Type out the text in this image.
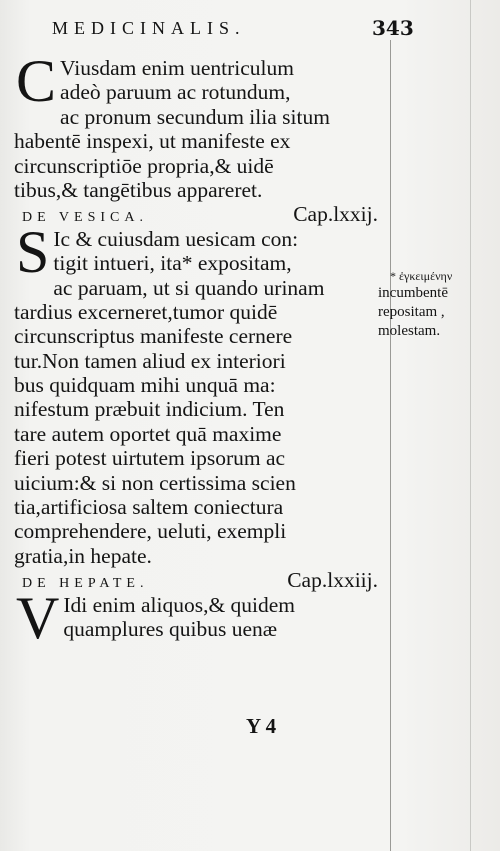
MEDICINALIS.	343
C Viusdam enim uentriculum
adeò paruum ac rotundum,
ac pronum secundum ilia situm
habentē inspexi, ut manifeste ex
circunscriptiōe propria,& uidē
tibus,& tangētibus appareret.
DE VESICA.	Cap.lxxij.
S Ic & cuiusdam uesicam con:
tigit intueri, ita* expositam,
ac paruam, ut si quando urinam
tardius excerneret,tumor quidē
circunscriptus manifeste cernere
tur.Non tamen aliud ex interiori
bus quidquam mihi unquā ma:
nifestum præbuit indicium. Ten
tare autem oportet quā maxime
fieri potest uirtutem ipsorum ac
uicium:& si non certissima scien
tia,artificiosa saltem coniectura
comprehendere, ueluti, exempli
gratia,in hepate.
DE HEPATE.	Cap.lxxiij.
V Idi enim aliquos,& quidem
quamplures quibus uenæ
Y 4
* ἐγκειμένην
incumbentē
repositam ,
molestam.
